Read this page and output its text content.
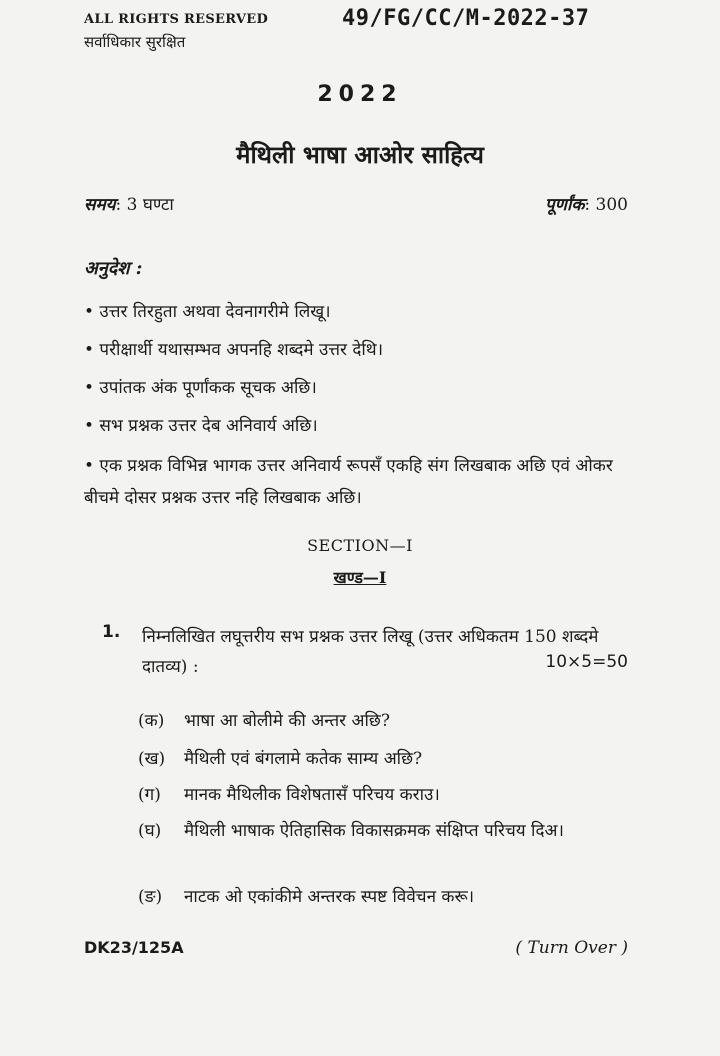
ALL RIGHTS RESERVED
सर्वाधिकार सुरक्षित
49/FG/CC/M-2022-37
2022
मैथिली भाषा आओर साहित्य
समय: 3 घण्टा	पूर्णांक: 300
अनुदेश :
• उत्तर तिरहुता अथवा देवनागरीमे लिखू।
• परीक्षार्थी यथासम्भव अपनहि शब्दमे उत्तर देथि।
• उपांतक अंक पूर्णांकक सूचक अछि।
• सभ प्रश्नक उत्तर देब अनिवार्य अछि।
• एक प्रश्नक विभिन्न भागक उत्तर अनिवार्य रूपसँ एकहि संग लिखबाक अछि एवं ओकर बीचमे दोसर प्रश्नक उत्तर नहि लिखबाक अछि।
SECTION—I
खण्ड—I
1. निम्नलिखित लघूत्तरीय सभ प्रश्नक उत्तर लिखू (उत्तर अधिकतम 150 शब्दमे दातव्य) :	10×5=50
(क) भाषा आ बोलीमे की अन्तर अछि?
(ख) मैथिली एवं बंगलामे कतेक साम्य अछि?
(ग) मानक मैथिलीक विशेषतासँ परिचय कराउ।
(घ) मैथिली भाषाक ऐतिहासिक विकासक्रमक संक्षिप्त परिचय दिअ।
(ङ) नाटक ओ एकांकीमे अन्तरक स्पष्ट विवेचन करू।
DK23/125A	( Turn Over )
